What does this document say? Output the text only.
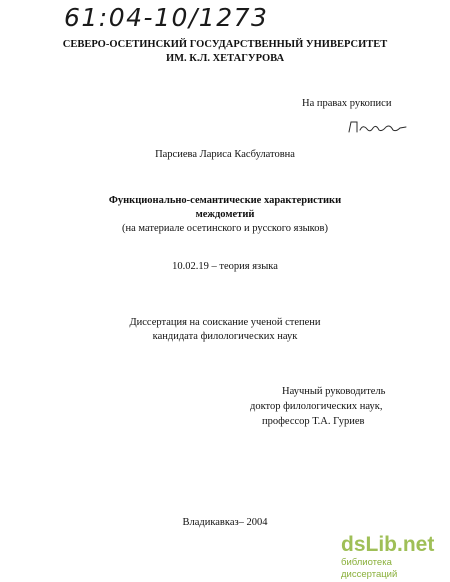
61:04-10/1273
СЕВЕРО-ОСЕТИНСКИЙ ГОСУДАРСТВЕННЫЙ УНИВЕРСИТЕТ
ИМ. К.Л. ХЕТАГУРОВА
На правах рукописи
Парсиева Лариса Касбулатовна
Функционально-семантические характеристики
междометий
(на материале осетинского и русского языков)
10.02.19 – теория языка
Диссертация на соискание ученой степени
кандидата филологических наук
Научный руководитель
доктор филологических наук,
профессор Т.А. Гуриев
Владикавказ– 2004
dsLib.net
библиотека диссертаций
